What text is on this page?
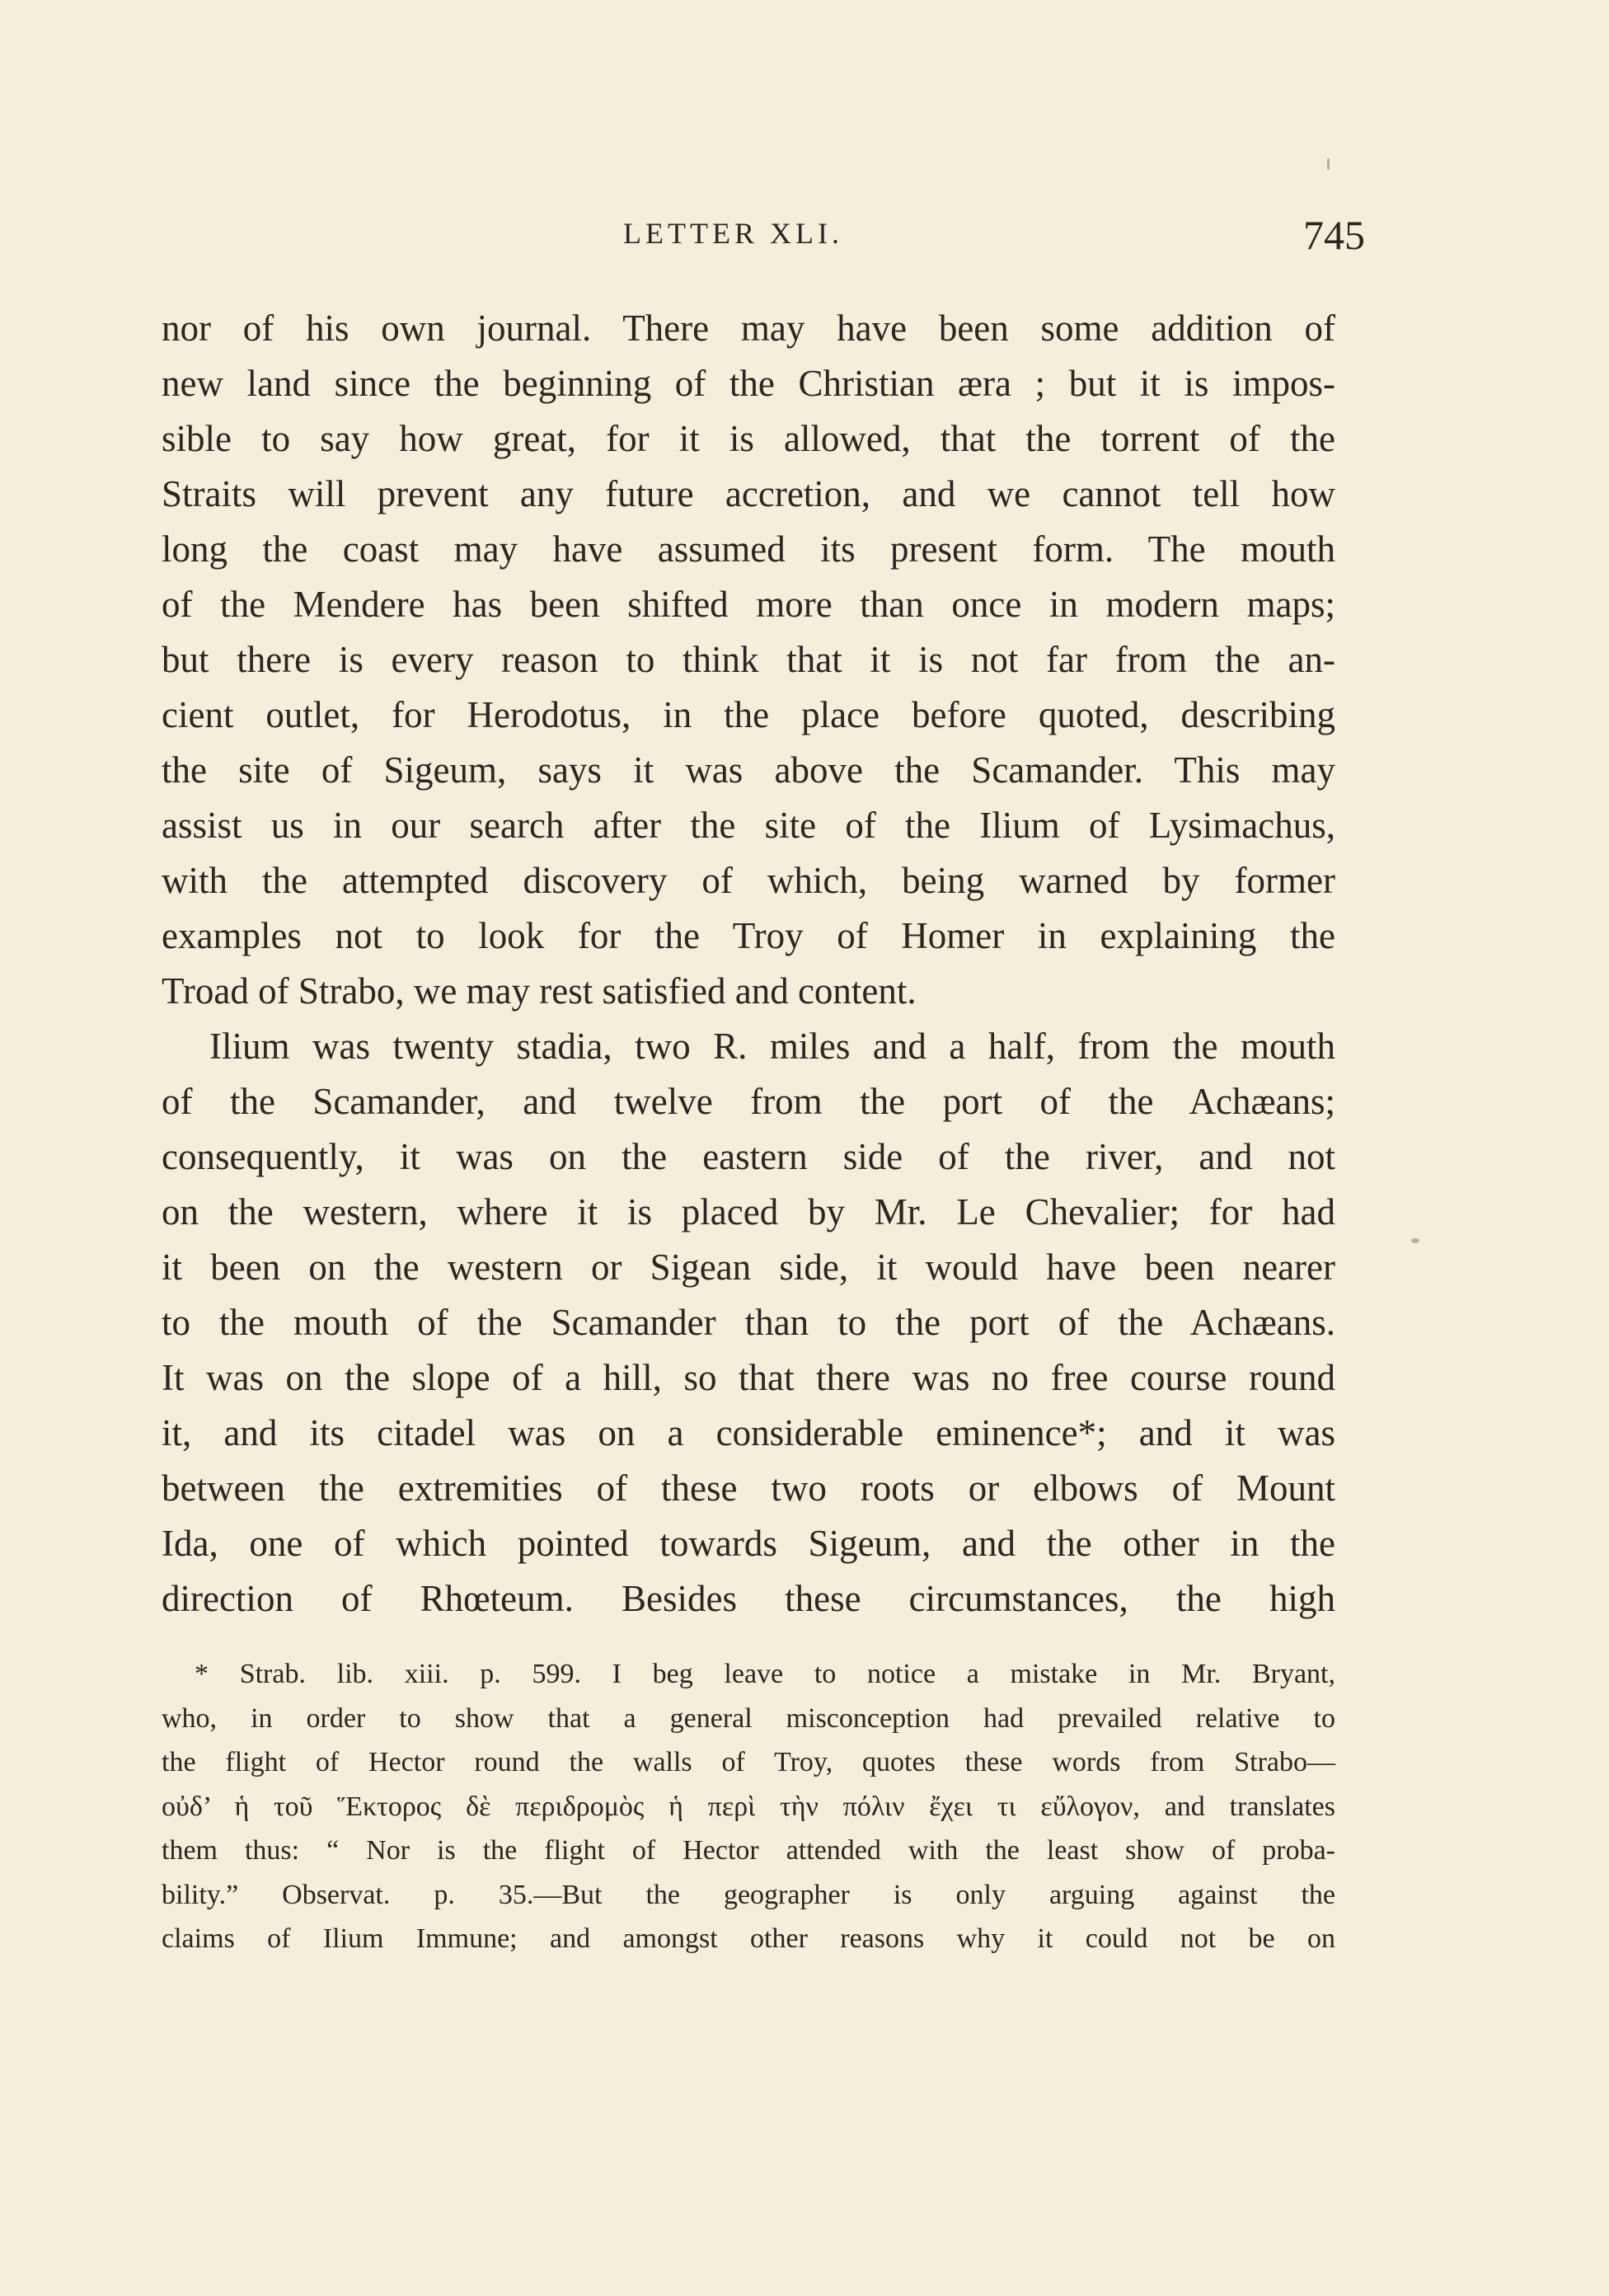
LETTER XLI.	745
nor of his own journal. There may have been some addition of
new land since the beginning of the Christian æra ; but it is impos-
sible to say how great, for it is allowed, that the torrent of the
Straits will prevent any future accretion, and we cannot tell how
long the coast may have assumed its present form. The mouth
of the Mendere has been shifted more than once in modern maps;
but there is every reason to think that it is not far from the an-
cient outlet, for Herodotus, in the place before quoted, describing
the site of Sigeum, says it was above the Scamander. This may
assist us in our search after the site of the Ilium of Lysimachus,
with the attempted discovery of which, being warned by former
examples not to look for the Troy of Homer in explaining the
Troad of Strabo, we may rest satisfied and content.
Ilium was twenty stadia, two R. miles and a half, from the mouth
of the Scamander, and twelve from the port of the Achæans;
consequently, it was on the eastern side of the river, and not
on the western, where it is placed by Mr. Le Chevalier; for had
it been on the western or Sigean side, it would have been nearer
to the mouth of the Scamander than to the port of the Achæans.
It was on the slope of a hill, so that there was no free course round
it, and its citadel was on a considerable eminence*; and it was
between the extremities of these two roots or elbows of Mount
Ida, one of which pointed towards Sigeum, and the other in the
direction of Rhœteum. Besides these circumstances, the high
* Strab. lib. xiii. p. 599. I beg leave to notice a mistake in Mr. Bryant,
who, in order to show that a general misconception had prevailed relative to
the flight of Hector round the walls of Troy, quotes these words from Strabo—
οὐδ’ ἡ τοῦ Ἕκτορος δὲ περιδρομὸς ἡ περὶ τὴν πόλιν ἔχει τι εὔλογον, and translates
them thus: “ Nor is the flight of Hector attended with the least show of proba-
bility.” Observat. p. 35.—But the geographer is only arguing against the
claims of Ilium Immune; and amongst other reasons why it could not be on
